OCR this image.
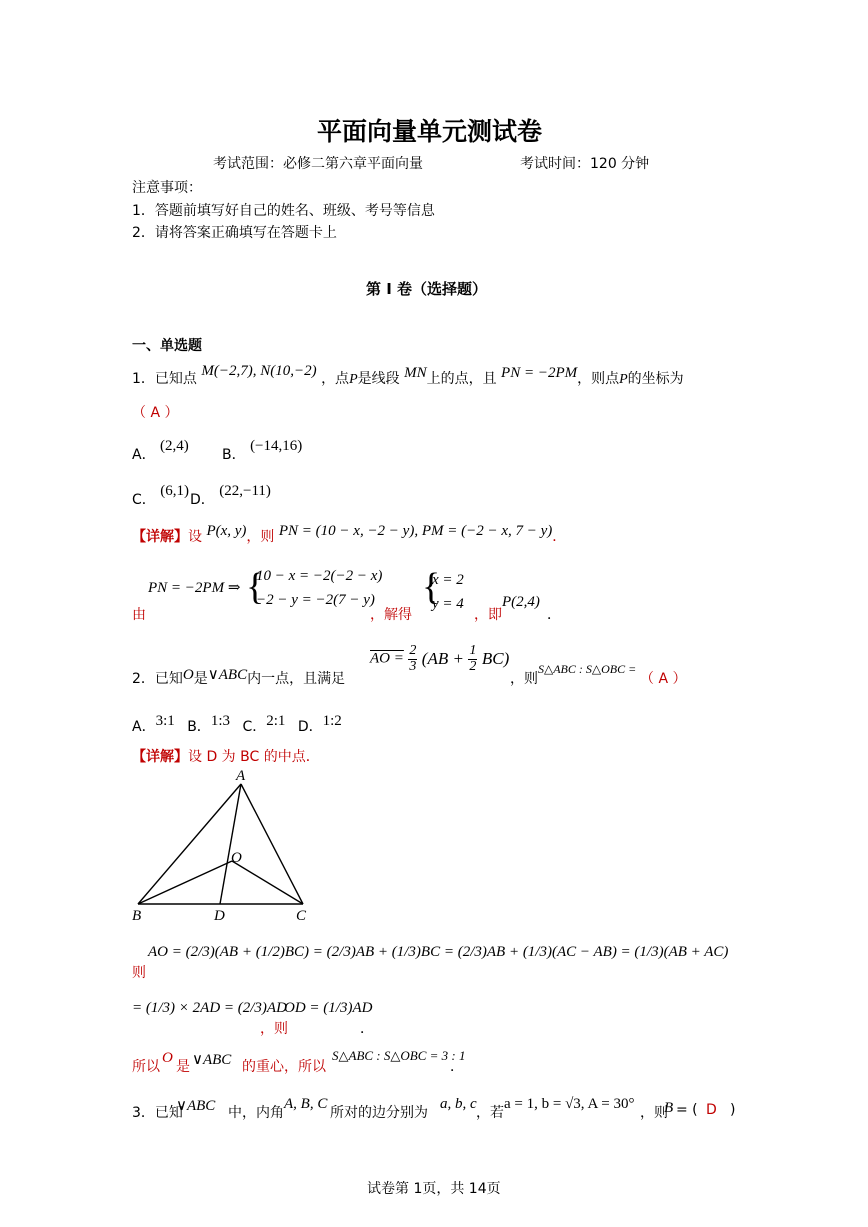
平面向量单元测试卷
考试范围：必修二第六章平面向量	考试时间：120 分钟
注意事项：
1．答题前填写好自己的姓名、班级、考号等信息
2．请将答案正确填写在答题卡上
第 I 卷（选择题）
一、单选题
1．已知点 M(−2,7), N(10,−2) ，点P是线段 MN上的点，且 PN = −2PM，则点P的坐标为
（ A ）
A． (2,4)
B． (−14,16)
C． (6,1)
D． (22,−11)
【详解】设 P(x, y)，则 PN = (10 − x, −2 − y), PM = (−2 − x, 7 − y)．
PN = −2PM ⇒ {
10 − x = −2(−2 − x)
−2 − y = −2(7 − y)
由	，解得
{
x = 2
y = 4
，即
P(2,4)
．
2．已知O是∨ABC内一点，且满足
AO = $\frac{2}{3} (AB + \frac{1}{2} BC)$
，则
S△ABC : S△OBC =
（ A ）
A．3:1 B．1:3 C．2:1 D．1:2
【详解】设 D 为 BC 的中点．
A
O
B	D	C
则
AO = (2/3)(AB + (1/2)BC) = (2/3)AB + (1/3)BC = (2/3)AB + (1/3)(AC − AB) = (1/3)(AB + AC)
= (1/3) × 2AD = (2/3)AD
，则
OD = (1/3)AD
．
所以
O
是 ∨ABC 的重心，所以
S△ABC : S△OBC = 3 : 1
．
3．已知
∨ABC 中，内角
A, B, C
所对的边分别为
a, b, c
，若
a = 1, b = √3, A = 30°
，则
B = ( D )
试卷第 1页，共 14页
